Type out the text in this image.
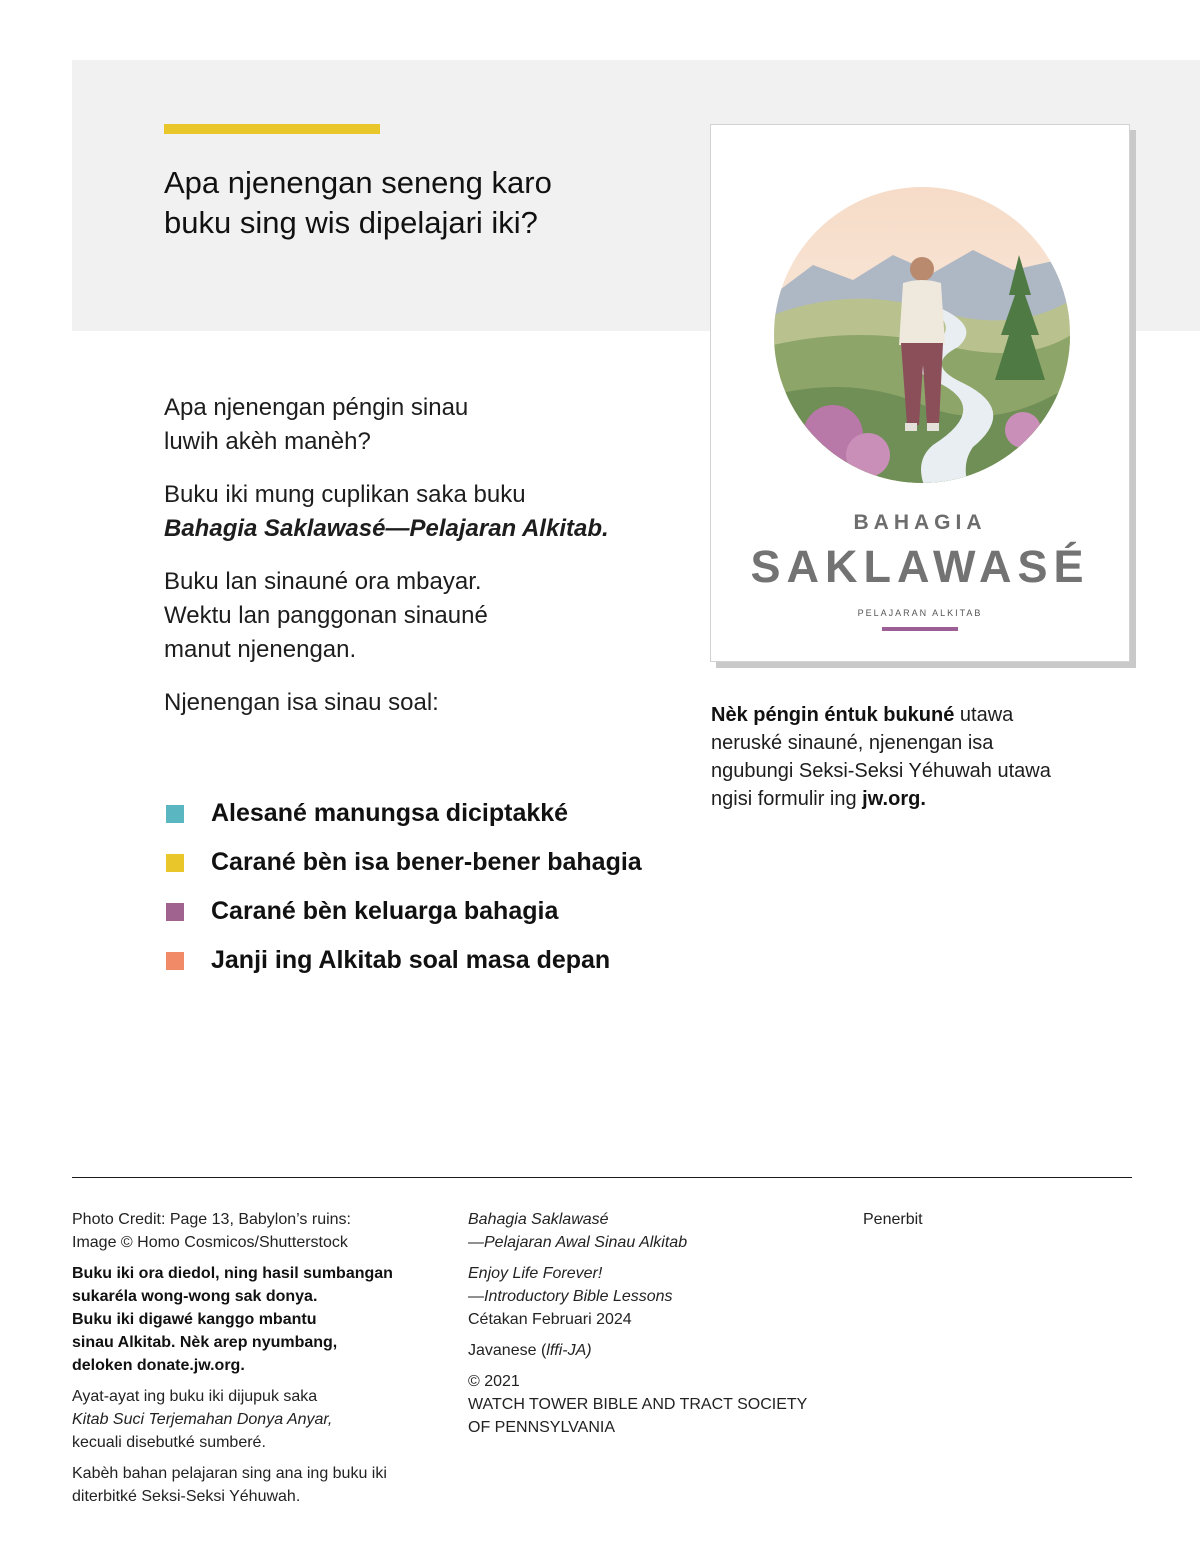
Apa njenengan seneng karo
buku sing wis dipelajari iki?

Apa njenengan péngin sinau
luwih akèh manèh?

Buku iki mung cuplikan saka buku
Bahagia Saklawasé—Pelajaran Alkitab.

Buku lan sinauné ora mbayar.
Wektu lan panggonan sinauné
manut njenengan.

Njenengan isa sinau soal:

Alesané manungsa diciptakké
Carané bèn isa bener-bener bahagia
Carané bèn keluarga bahagia
Janji ing Alkitab soal masa depan
BAHAGIA
SAKLAWASÉ
PELAJARAN ALKITAB

Nèk péngin éntuk bukuné utawa neruské sinauné, njenengan isa ngubungi Seksi-Seksi Yéhuwah utawa ngisi formulir ing jw.org.

Photo Credit: Page 13, Babylon’s ruins:
Image © Homo Cosmicos/Shutterstock

Buku iki ora diedol, ning hasil sumbangan
sukaréla wong-wong sak donya.
Buku iki digawé kanggo mbantu
sinau Alkitab. Nèk arep nyumbang,
deloken donate.jw.org.

Ayat-ayat ing buku iki dijupuk saka
Kitab Suci Terjemahan Donya Anyar,
kecuali disebutké sumberé.

Kabèh bahan pelajaran sing ana ing buku iki
diterbitké Seksi-Seksi Yéhuwah.

Bahagia Saklawasé
—Pelajaran Awal Sinau Alkitab

Enjoy Life Forever!
—Introductory Bible Lessons
Cétakan Februari 2024

Javanese (lffi-JA)

© 2021
WATCH TOWER BIBLE AND TRACT SOCIETY
OF PENNSYLVANIA

Penerbit
